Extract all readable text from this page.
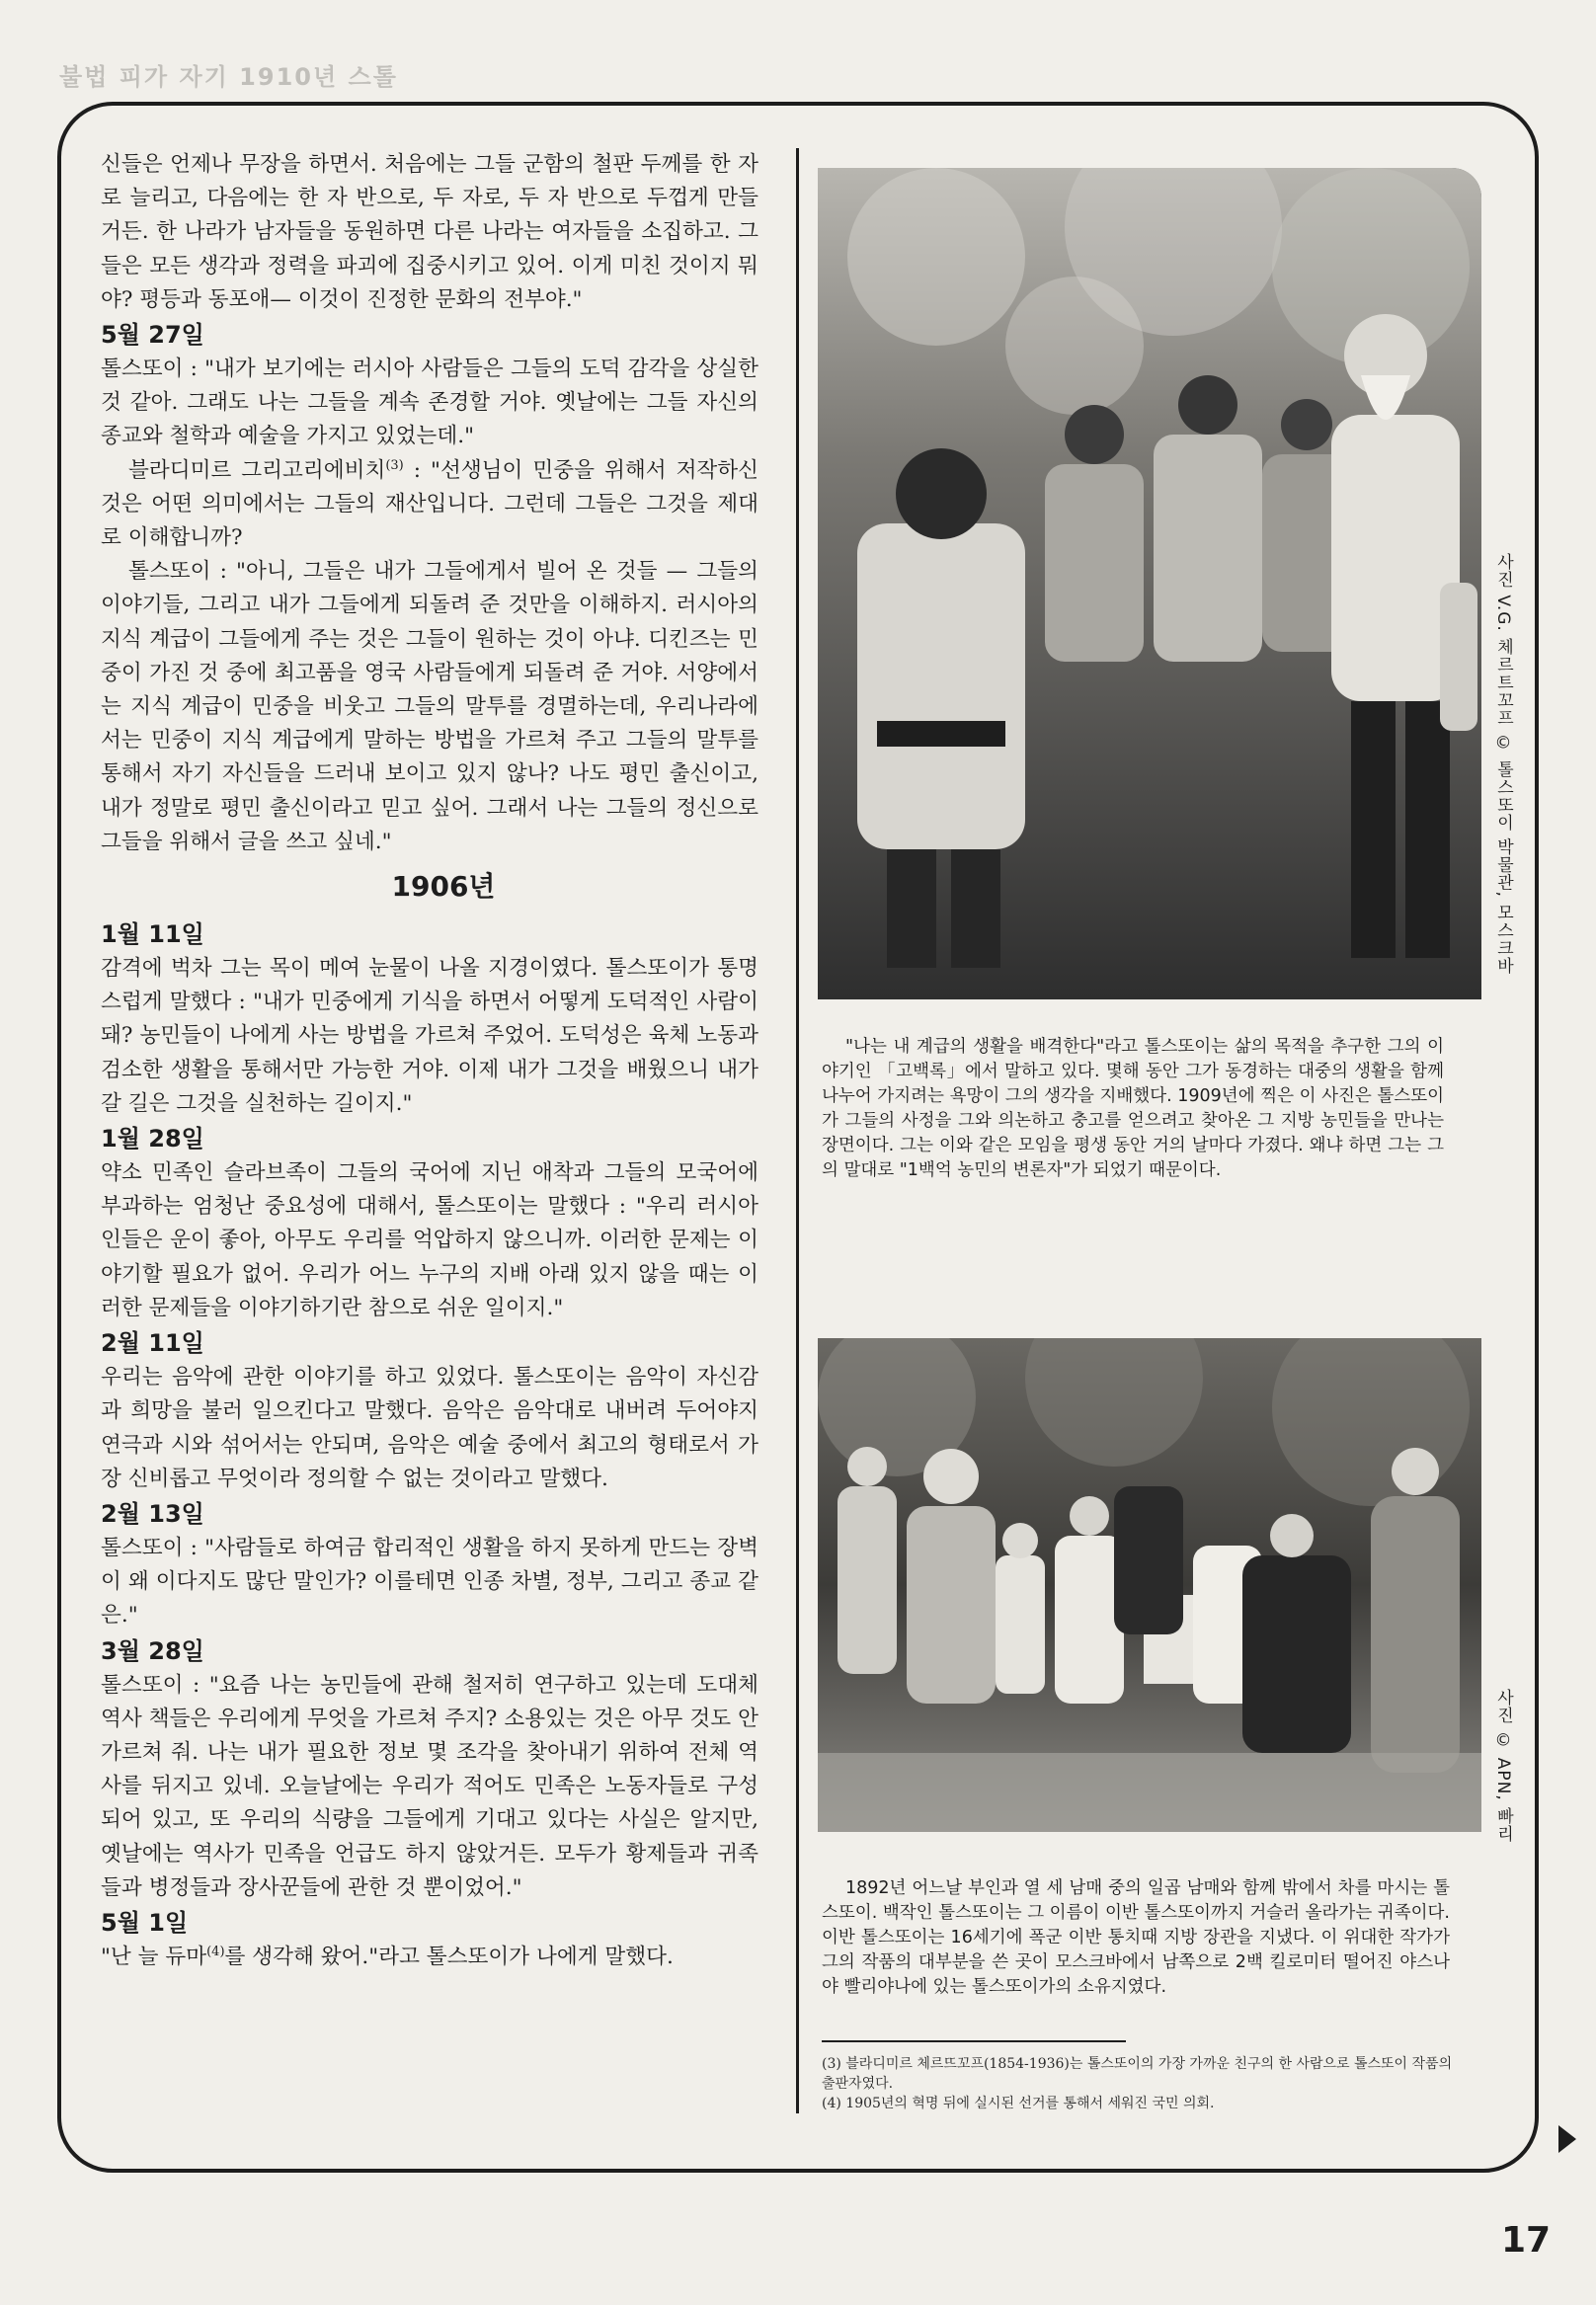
불법 피가 자기 1910년 스톨

신들은 언제나 무장을 하면서. 처음에는 그들 군함의 철판 두께를 한 자로 늘리고, 다음에는 한 자 반으로, 두 자로, 두 자 반으로 두껍게 만들거든. 한 나라가 남자들을 동원하면 다른 나라는 여자들을 소집하고. 그들은 모든 생각과 정력을 파괴에 집중시키고 있어. 이게 미친 것이지 뭐야? 평등과 동포애— 이것이 진정한 문화의 전부야."

5월 27일

톨스또이 : "내가 보기에는 러시아 사람들은 그들의 도덕 감각을 상실한 것 같아. 그래도 나는 그들을 계속 존경할 거야. 옛날에는 그들 자신의 종교와 철학과 예술을 가지고 있었는데."

블라디미르 그리고리에비치$^{(3)}$ : "선생님이 민중을 위해서 저작하신 것은 어떤 의미에서는 그들의 재산입니다. 그런데 그들은 그것을 제대로 이해합니까?

톨스또이 : "아니, 그들은 내가 그들에게서 빌어 온 것들 — 그들의 이야기들, 그리고 내가 그들에게 되돌려 준 것만을 이해하지. 러시아의 지식 계급이 그들에게 주는 것은 그들이 원하는 것이 아냐. 디킨즈는 민중이 가진 것 중에 최고품을 영국 사람들에게 되돌려 준 거야. 서양에서는 지식 계급이 민중을 비웃고 그들의 말투를 경멸하는데, 우리나라에서는 민중이 지식 계급에게 말하는 방법을 가르쳐 주고 그들의 말투를 통해서 자기 자신들을 드러내 보이고 있지 않나? 나도 평민 출신이고, 내가 정말로 평민 출신이라고 믿고 싶어. 그래서 나는 그들의 정신으로 그들을 위해서 글을 쓰고 싶네."

1906년

1월 11일

감격에 벅차 그는 목이 메여 눈물이 나올 지경이였다. 톨스또이가 통명스럽게 말했다 : "내가 민중에게 기식을 하면서 어떻게 도덕적인 사람이 돼? 농민들이 나에게 사는 방법을 가르쳐 주었어. 도덕성은 육체 노동과 검소한 생활을 통해서만 가능한 거야. 이제 내가 그것을 배웠으니 내가 갈 길은 그것을 실천하는 길이지."

1월 28일

약소 민족인 슬라브족이 그들의 국어에 지닌 애착과 그들의 모국어에 부과하는 엄청난 중요성에 대해서, 톨스또이는 말했다 : "우리 러시아 인들은 운이 좋아, 아무도 우리를 억압하지 않으니까. 이러한 문제는 이야기할 필요가 없어. 우리가 어느 누구의 지배 아래 있지 않을 때는 이러한 문제들을 이야기하기란 참으로 쉬운 일이지."

2월 11일

우리는 음악에 관한 이야기를 하고 있었다. 톨스또이는 음악이 자신감과 희망을 불러 일으킨다고 말했다. 음악은 음악대로 내버려 두어야지 연극과 시와 섞어서는 안되며, 음악은 예술 중에서 최고의 형태로서 가장 신비롭고 무엇이라 정의할 수 없는 것이라고 말했다.

2월 13일

톨스또이 : "사람들로 하여금 합리적인 생활을 하지 못하게 만드는 장벽이 왜 이다지도 많단 말인가? 이를테면 인종 차별, 정부, 그리고 종교 같은."

3월 28일

톨스또이 : "요즘 나는 농민들에 관해 철저히 연구하고 있는데 도대체 역사 책들은 우리에게 무엇을 가르쳐 주지? 소용있는 것은 아무 것도 안 가르쳐 줘. 나는 내가 필요한 정보 몇 조각을 찾아내기 위하여 전체 역사를 뒤지고 있네. 오늘날에는 우리가 적어도 민족은 노동자들로 구성되어 있고, 또 우리의 식량을 그들에게 기대고 있다는 사실은 알지만, 옛날에는 역사가 민족을 언급도 하지 않았거든. 모두가 황제들과 귀족들과 병정들과 장사꾼들에 관한 것 뿐이었어."

5월 1일

"난 늘 듀마$^{(4)}$를 생각해 왔어."라고 톨스또이가 나에게 말했다.

사진 V.G. 체르트꼬프 © 톨스또이 박물관, 모스크바
"나는 내 계급의 생활을 배격한다"라고 톨스또이는 삶의 목적을 추구한 그의 이야기인 「고백록」에서 말하고 있다. 몇해 동안 그가 동경하는 대중의 생활을 함께 나누어 가지려는 욕망이 그의 생각을 지배했다. 1909년에 찍은 이 사진은 톨스또이가 그들의 사정을 그와 의논하고 충고를 얻으려고 찾아온 그 지방 농민들을 만나는 장면이다. 그는 이와 같은 모임을 평생 동안 거의 날마다 가졌다. 왜냐 하면 그는 그의 말대로 "1백억 농민의 변론자"가 되었기 때문이다.
사진 © APN, 빠리
1892년 어느날 부인과 열 세 남매 중의 일곱 남매와 함께 밖에서 차를 마시는 톨스또이. 백작인 톨스또이는 그 이름이 이반 톨스또이까지 거슬러 올라가는 귀족이다. 이반 톨스또이는 16세기에 폭군 이반 통치때 지방 장관을 지냈다. 이 위대한 작가가 그의 작품의 대부분을 쓴 곳이 모스크바에서 남쪽으로 2백 킬로미터 떨어진 야스나야 빨리야나에 있는 톨스또이가의 소유지였다.

(3) 블라디미르 체르뜨꼬프(1854-1936)는 톨스또이의 가장 가까운 친구의 한 사람으로 톨스또이 작품의 출판자였다.

(4) 1905년의 혁명 뒤에 실시된 선거를 통해서 세워진 국민 의회.

17
